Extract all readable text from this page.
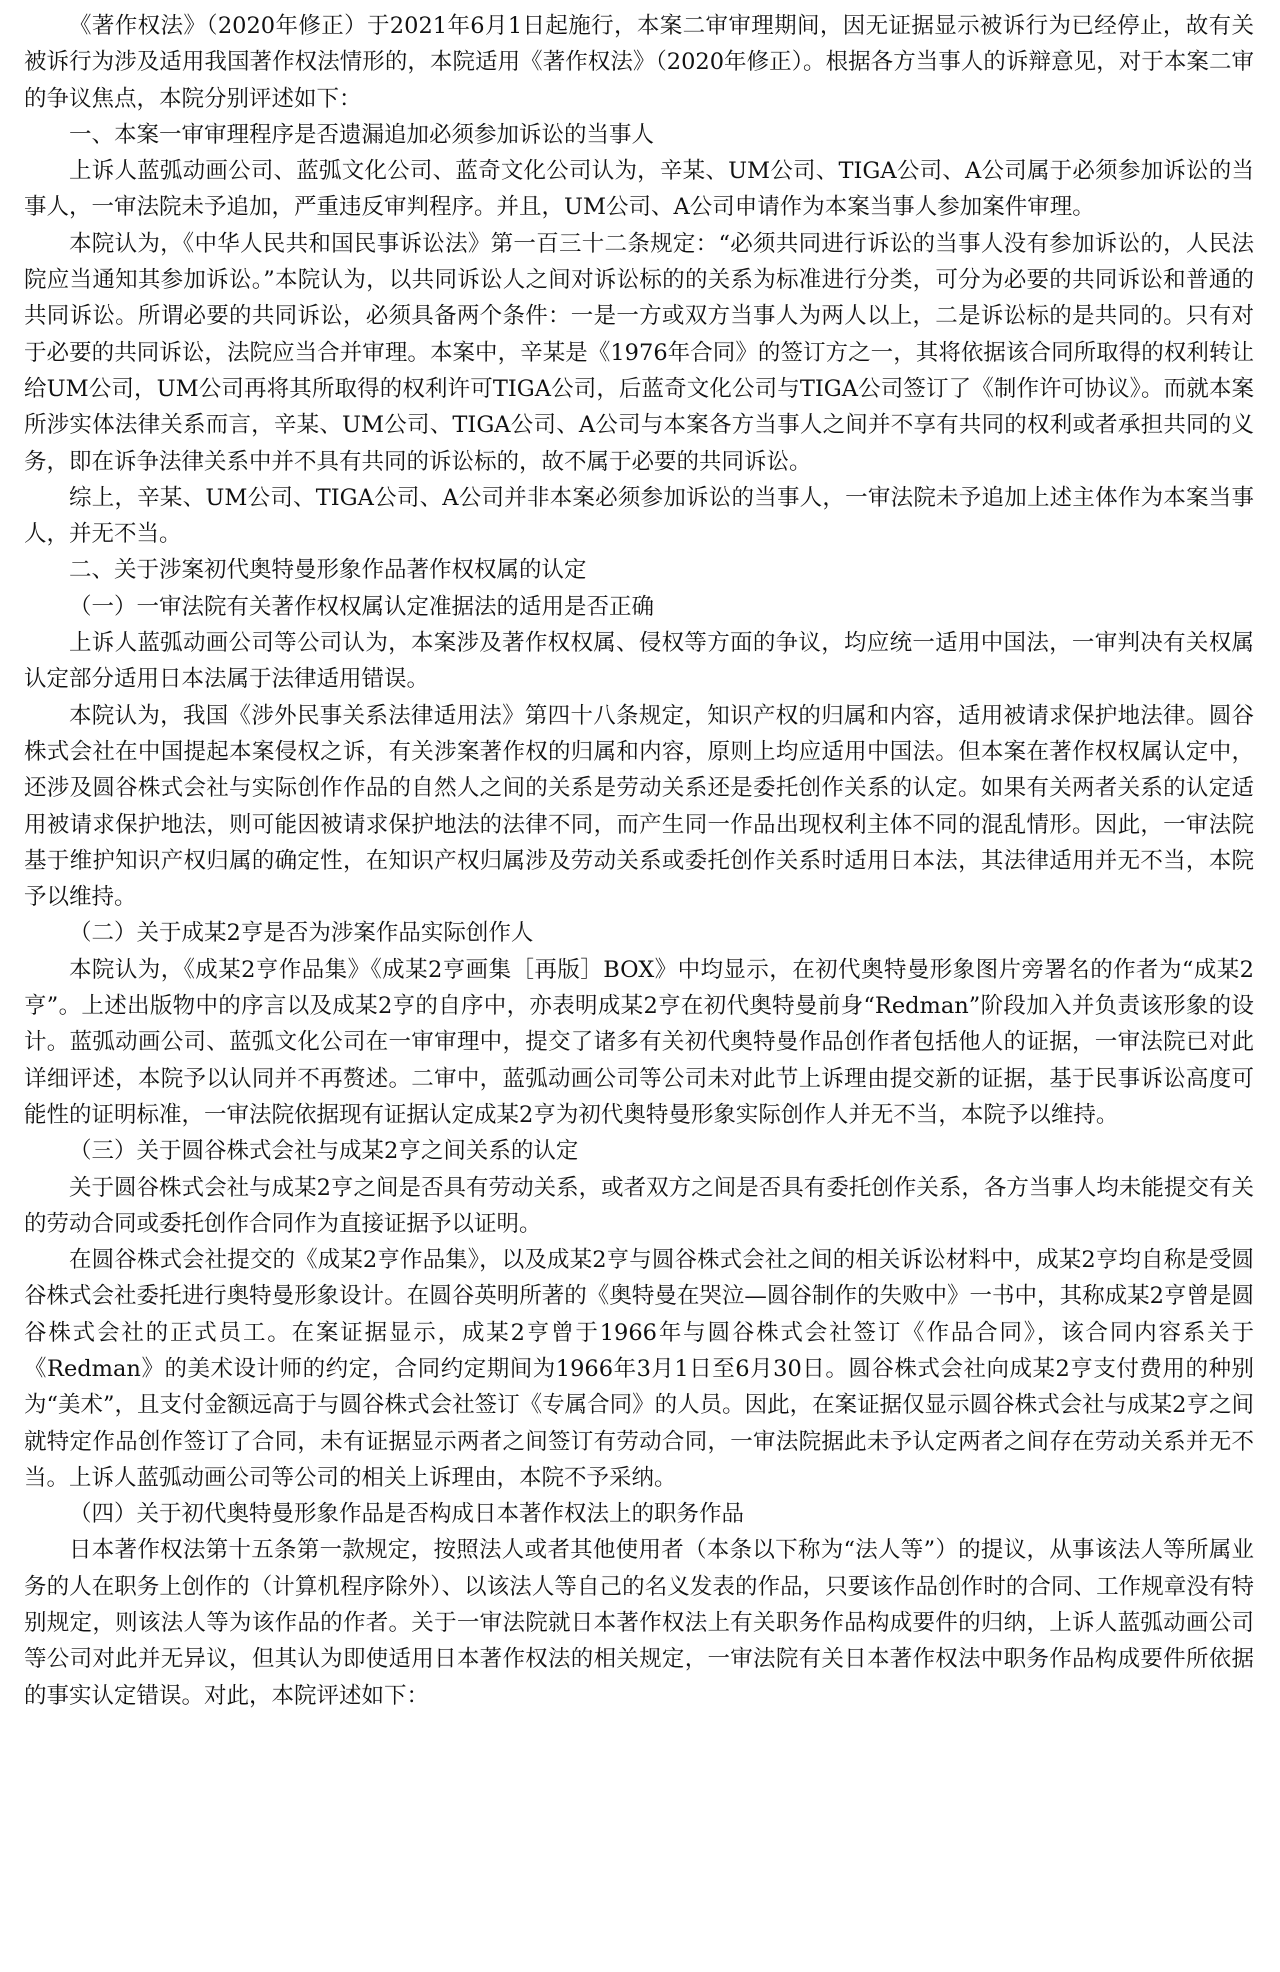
《著作权法》（2020年修正）于2021年6月1日起施行，本案二审审理期间，因无证据显示被诉行为已经停止，故有关被诉行为涉及适用我国著作权法情形的，本院适用《著作权法》（2020年修正）。根据各方当事人的诉辩意见，对于本案二审的争议焦点，本院分别评述如下：

一、本案一审审理程序是否遗漏追加必须参加诉讼的当事人

上诉人蓝弧动画公司、蓝弧文化公司、蓝奇文化公司认为，辛某、UM公司、TIGA公司、A公司属于必须参加诉讼的当事人，一审法院未予追加，严重违反审判程序。并且，UM公司、A公司申请作为本案当事人参加案件审理。

本院认为，《中华人民共和国民事诉讼法》第一百三十二条规定：“必须共同进行诉讼的当事人没有参加诉讼的，人民法院应当通知其参加诉讼。”本院认为，以共同诉讼人之间对诉讼标的的关系为标准进行分类，可分为必要的共同诉讼和普通的共同诉讼。所谓必要的共同诉讼，必须具备两个条件：一是一方或双方当事人为两人以上，二是诉讼标的是共同的。只有对于必要的共同诉讼，法院应当合并审理。本案中，辛某是《1976年合同》的签订方之一，其将依据该合同所取得的权利转让给UM公司，UM公司再将其所取得的权利许可TIGA公司，后蓝奇文化公司与TIGA公司签订了《制作许可协议》。而就本案所涉实体法律关系而言，辛某、UM公司、TIGA公司、A公司与本案各方当事人之间并不享有共同的权利或者承担共同的义务，即在诉争法律关系中并不具有共同的诉讼标的，故不属于必要的共同诉讼。

综上，辛某、UM公司、TIGA公司、A公司并非本案必须参加诉讼的当事人，一审法院未予追加上述主体作为本案当事人，并无不当。

二、关于涉案初代奥特曼形象作品著作权权属的认定

（一）一审法院有关著作权权属认定准据法的适用是否正确

上诉人蓝弧动画公司等公司认为，本案涉及著作权权属、侵权等方面的争议，均应统一适用中国法，一审判决有关权属认定部分适用日本法属于法律适用错误。

本院认为，我国《涉外民事关系法律适用法》第四十八条规定，知识产权的归属和内容，适用被请求保护地法律。圆谷株式会社在中国提起本案侵权之诉，有关涉案著作权的归属和内容，原则上均应适用中国法。但本案在著作权权属认定中，还涉及圆谷株式会社与实际创作作品的自然人之间的关系是劳动关系还是委托创作关系的认定。如果有关两者关系的认定适用被请求保护地法，则可能因被请求保护地法的法律不同，而产生同一作品出现权利主体不同的混乱情形。因此，一审法院基于维护知识产权归属的确定性，在知识产权归属涉及劳动关系或委托创作关系时适用日本法，其法律适用并无不当，本院予以维持。

（二）关于成某2亨是否为涉案作品实际创作人

本院认为，《成某2亨作品集》《成某2亨画集［再版］BOX》中均显示，在初代奥特曼形象图片旁署名的作者为“成某2亨”。上述出版物中的序言以及成某2亨的自序中，亦表明成某2亨在初代奥特曼前身“Redman”阶段加入并负责该形象的设计。蓝弧动画公司、蓝弧文化公司在一审审理中，提交了诸多有关初代奥特曼作品创作者包括他人的证据，一审法院已对此详细评述，本院予以认同并不再赘述。二审中，蓝弧动画公司等公司未对此节上诉理由提交新的证据，基于民事诉讼高度可能性的证明标准，一审法院依据现有证据认定成某2亨为初代奥特曼形象实际创作人并无不当，本院予以维持。

（三）关于圆谷株式会社与成某2亨之间关系的认定

关于圆谷株式会社与成某2亨之间是否具有劳动关系，或者双方之间是否具有委托创作关系，各方当事人均未能提交有关的劳动合同或委托创作合同作为直接证据予以证明。

在圆谷株式会社提交的《成某2亨作品集》，以及成某2亨与圆谷株式会社之间的相关诉讼材料中，成某2亨均自称是受圆谷株式会社委托进行奥特曼形象设计。在圆谷英明所著的《奥特曼在哭泣—圆谷制作的失败中》一书中，其称成某2亨曾是圆谷株式会社的正式员工。在案证据显示，成某2亨曾于1966年与圆谷株式会社签订《作品合同》，该合同内容系关于《Redman》的美术设计师的约定，合同约定期间为1966年3月1日至6月30日。圆谷株式会社向成某2亨支付费用的种别为“美术”，且支付金额远高于与圆谷株式会社签订《专属合同》的人员。因此，在案证据仅显示圆谷株式会社与成某2亨之间就特定作品创作签订了合同，未有证据显示两者之间签订有劳动合同，一审法院据此未予认定两者之间存在劳动关系并无不当。上诉人蓝弧动画公司等公司的相关上诉理由，本院不予采纳。

（四）关于初代奥特曼形象作品是否构成日本著作权法上的职务作品

日本著作权法第十五条第一款规定，按照法人或者其他使用者（本条以下称为“法人等”）的提议，从事该法人等所属业务的人在职务上创作的（计算机程序除外）、以该法人等自己的名义发表的作品，只要该作品创作时的合同、工作规章没有特别规定，则该法人等为该作品的作者。关于一审法院就日本著作权法上有关职务作品构成要件的归纳，上诉人蓝弧动画公司等公司对此并无异议，但其认为即使适用日本著作权法的相关规定，一审法院有关日本著作权法中职务作品构成要件所依据的事实认定错误。对此，本院评述如下：
